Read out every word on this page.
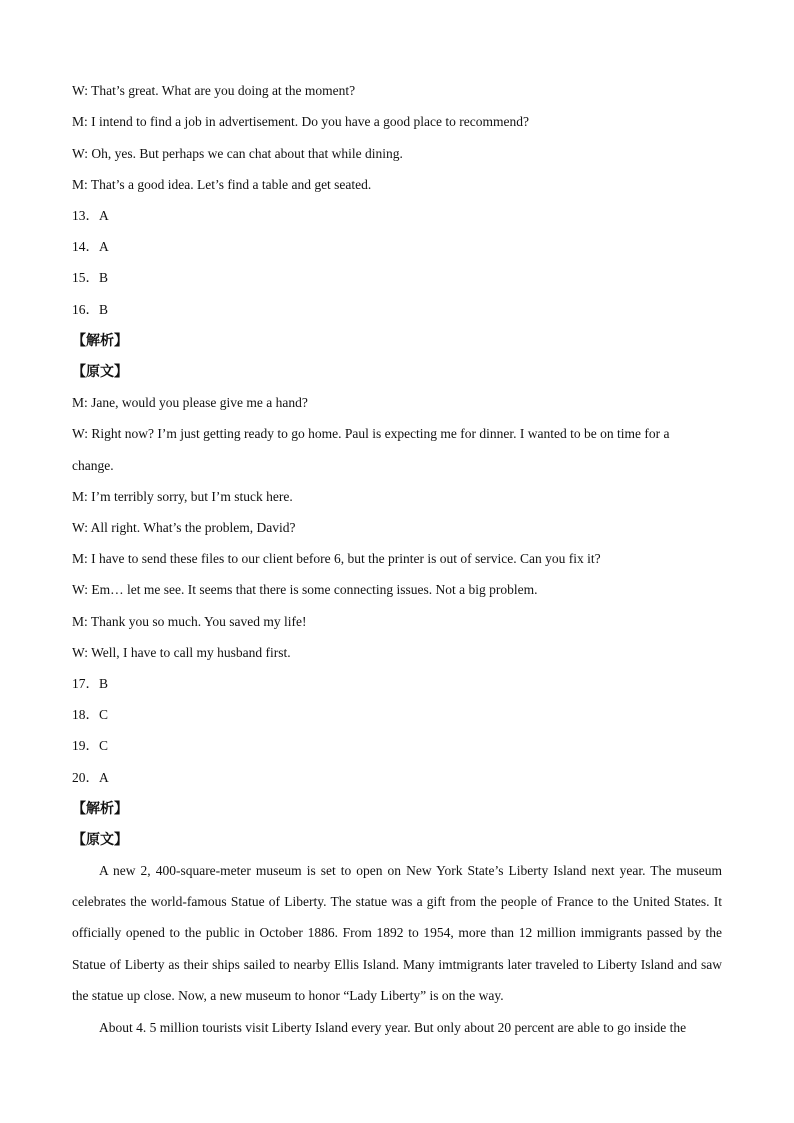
W: That’s great. What are you doing at the moment?
M: I intend to find a job in advertisement. Do you have a good place to recommend?
W: Oh, yes. But perhaps we can chat about that while dining.
M: That’s a good idea. Let’s find a table and get seated.
13．A
14．A
15．B
16．B
【解析】
【原文】
M: Jane, would you please give me a hand?
W: Right now? I’m just getting ready to go home. Paul is expecting me for dinner. I wanted to be on time for a
change.
M: I’m terribly sorry, but I’m stuck here.
W: All right. What’s the problem, David?
M: I have to send these files to our client before 6, but the printer is out of service. Can you fix it?
W: Em… let me see. It seems that there is some connecting issues. Not a big problem.
M: Thank you so much. You saved my life!
W: Well, I have to call my husband first.
17．B
18．C
19．C
20．A
【解析】
【原文】
A new 2, 400-square-meter museum is set to open on New York State’s Liberty Island next year. The museum celebrates the world-famous Statue of Liberty. The statue was a gift from the people of France to the United States. It officially opened to the public in October 1886. From 1892 to 1954, more than 12 million immigrants passed by the Statue of Liberty as their ships sailed to nearby Ellis Island. Many imtmigrants later traveled to Liberty Island and saw the statue up close. Now, a new museum to honor “Lady Liberty” is on the way.
About 4. 5 million tourists visit Liberty Island every year. But only about 20 percent are able to go inside the
